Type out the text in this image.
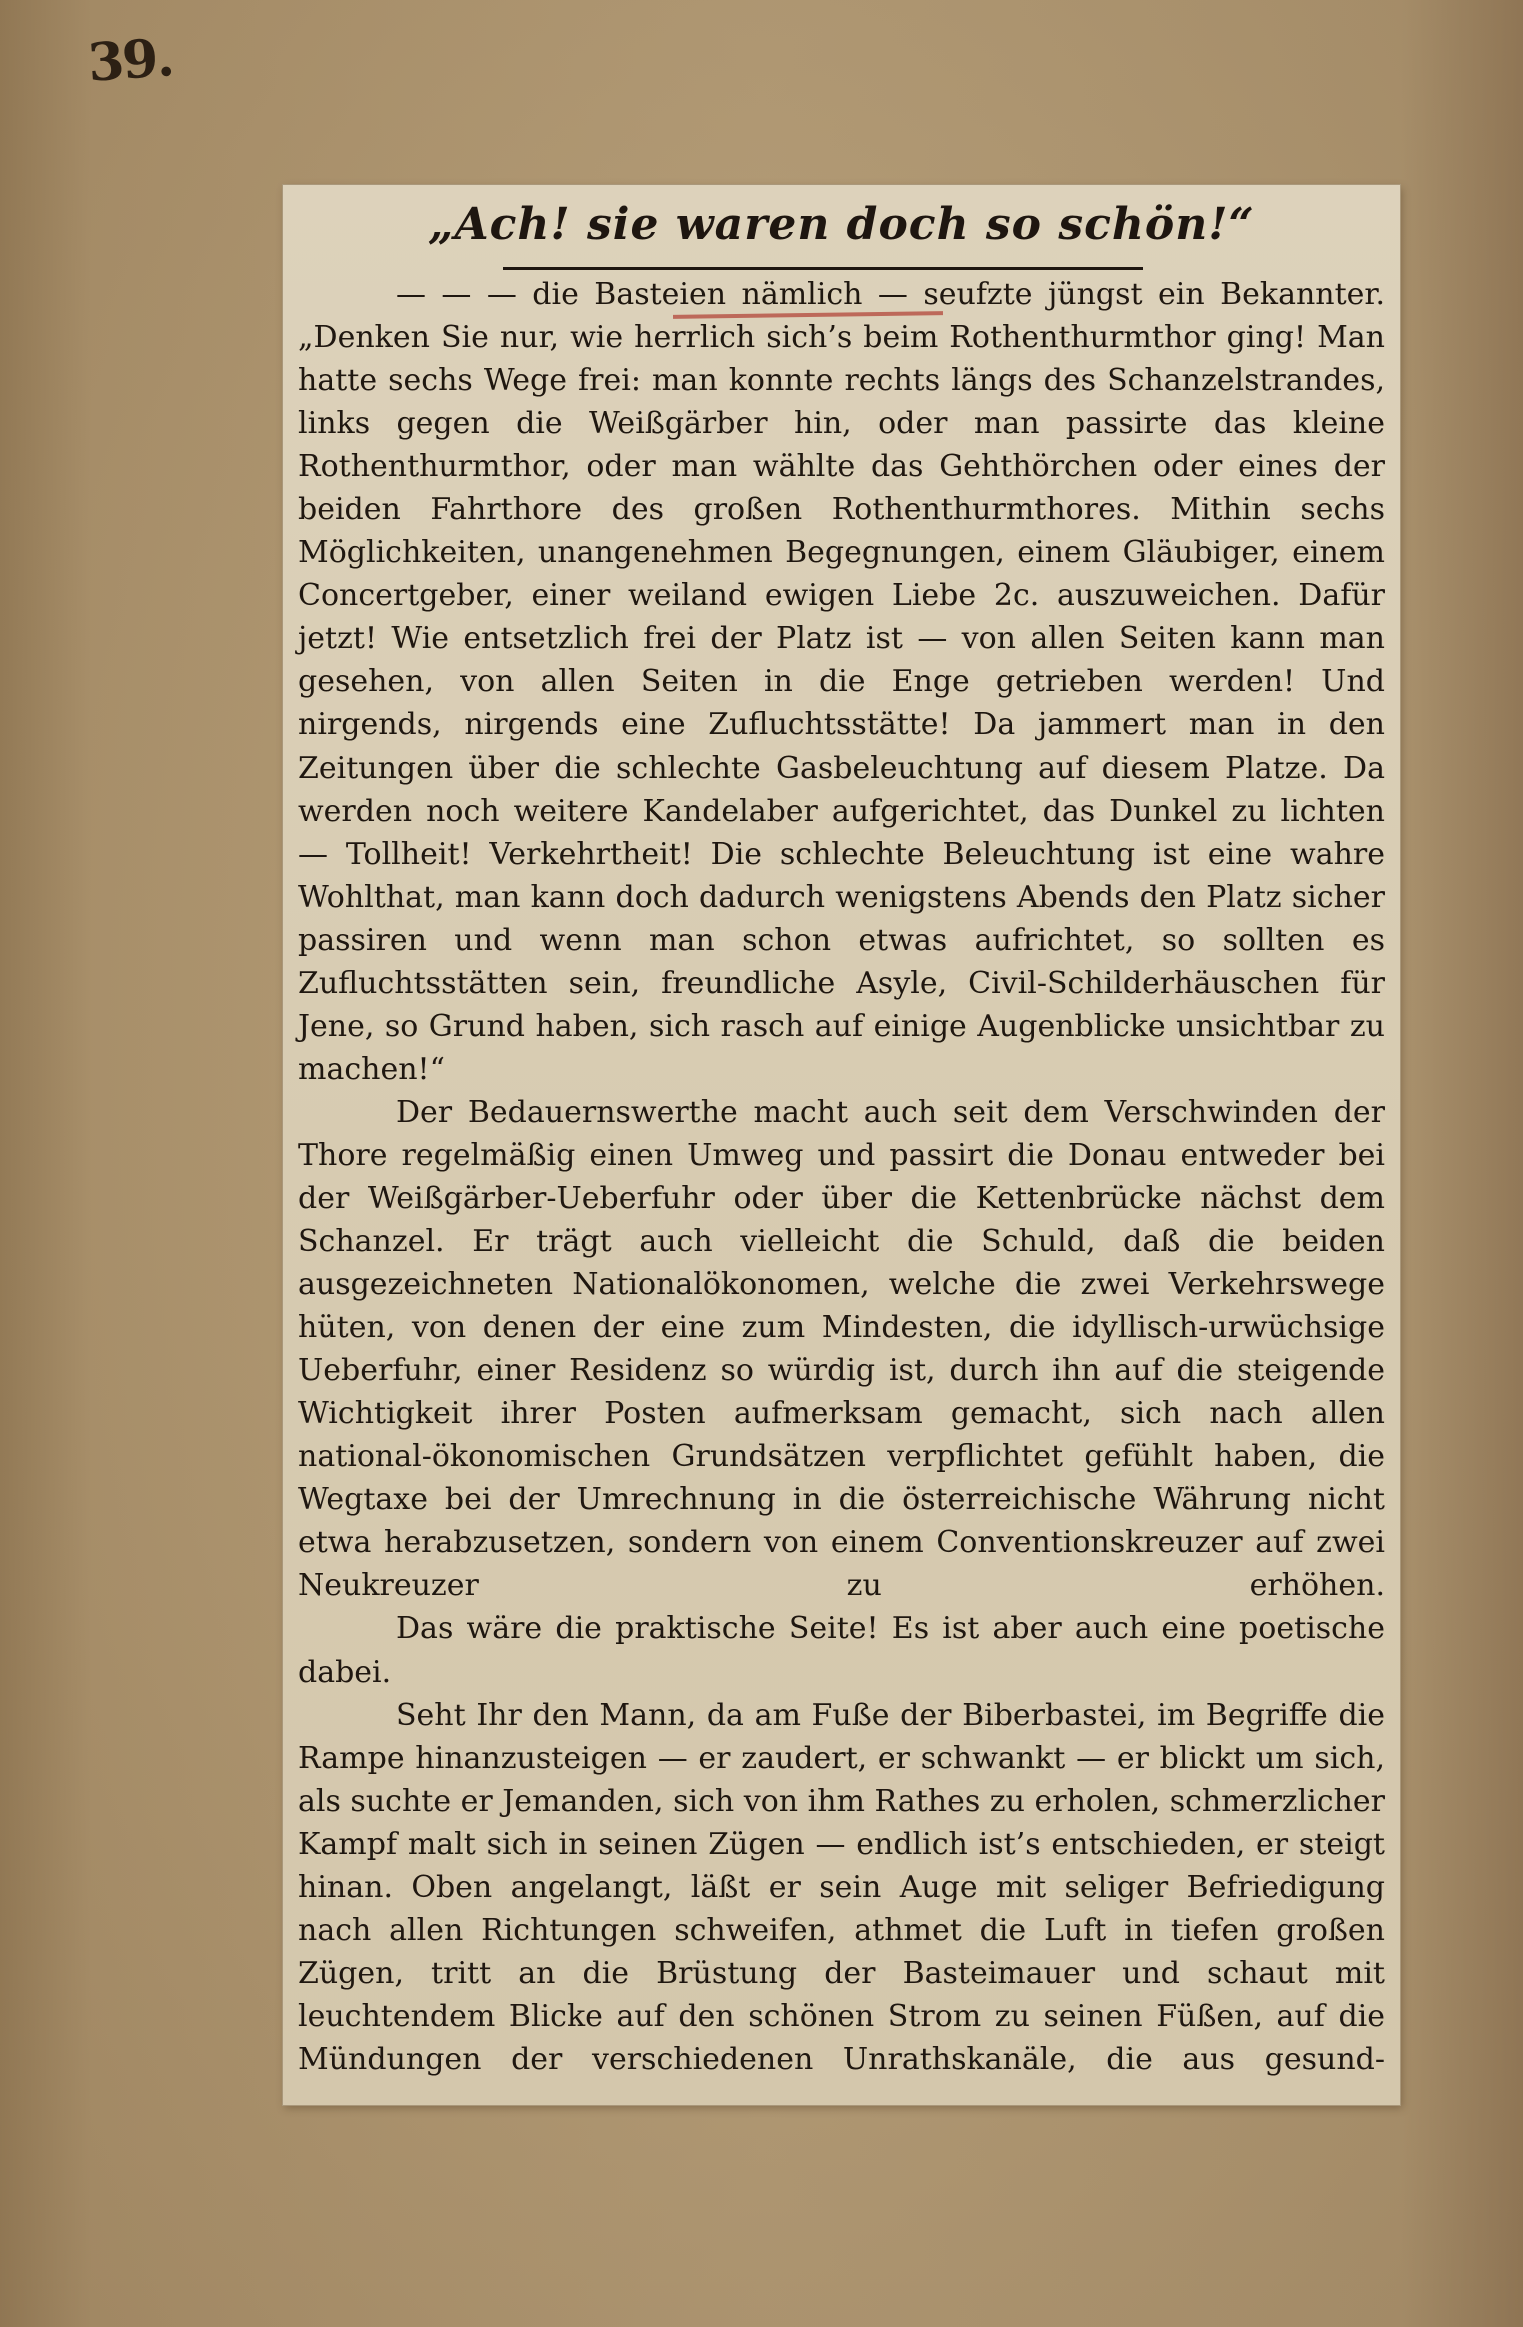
39.
„Ach! sie waren doch so schön!“

— — — die Basteien nämlich — seufzte jüngst ein Bekannter. „Denken Sie nur, wie herrlich sich’s beim Rothenthurmthor ging! Man hatte sechs Wege frei: man konnte rechts längs des Schanzelstrandes, links gegen die Weißgärber hin, oder man passirte das kleine Rothenthurmthor, oder man wählte das Gehthörchen oder eines der beiden Fahrthore des großen Rothenthurmthores. Mithin sechs Möglichkeiten, unangenehmen Begegnungen, einem Gläubiger, einem Concertgeber, einer weiland ewigen Liebe 2c. auszuweichen. Dafür jetzt! Wie entsetzlich frei der Platz ist — von allen Seiten kann man gesehen, von allen Seiten in die Enge getrieben werden! Und nirgends, nirgends eine Zufluchtsstätte! Da jammert man in den Zeitungen über die schlechte Gasbeleuchtung auf diesem Platze. Da werden noch weitere Kandelaber aufgerichtet, das Dunkel zu lichten — Tollheit! Verkehrtheit! Die schlechte Beleuchtung ist eine wahre Wohlthat, man kann doch dadurch wenigstens Abends den Platz sicher passiren und wenn man schon etwas aufrichtet, so sollten es Zufluchtsstätten sein, freundliche Asyle, Civil-Schilderhäuschen für Jene, so Grund haben, sich rasch auf einige Augenblicke unsichtbar zu machen!“

Der Bedauernswerthe macht auch seit dem Verschwinden der Thore regelmäßig einen Umweg und passirt die Donau entweder bei der Weißgärber-Ueberfuhr oder über die Kettenbrücke nächst dem Schanzel. Er trägt auch vielleicht die Schuld, daß die beiden ausgezeichneten Nationalökonomen, welche die zwei Verkehrswege hüten, von denen der eine zum Mindesten, die idyllisch-urwüchsige Ueberfuhr, einer Residenz so würdig ist, durch ihn auf die steigende Wichtigkeit ihrer Posten aufmerksam gemacht, sich nach allen national-ökonomischen Grundsätzen verpflichtet gefühlt haben, die Wegtaxe bei der Umrechnung in die österreichische Währung nicht etwa herabzusetzen, sondern von einem Conventionskreuzer auf zwei Neukreuzer zu erhöhen.

Das wäre die praktische Seite! Es ist aber auch eine poetische dabei.

Seht Ihr den Mann, da am Fuße der Biberbastei, im Begriffe die Rampe hinanzusteigen — er zaudert, er schwankt — er blickt um sich, als suchte er Jemanden, sich von ihm Rathes zu erholen, schmerzlicher Kampf malt sich in seinen Zügen — endlich ist’s entschieden, er steigt hinan. Oben angelangt, läßt er sein Auge mit seliger Befriedigung nach allen Richtungen schweifen, athmet die Luft in tiefen großen Zügen, tritt an die Brüstung der Basteimauer und schaut mit leuchtendem Blicke auf den schönen Strom zu seinen Füßen, auf die Mündungen der verschiedenen Unrathskanäle, die aus gesund-
